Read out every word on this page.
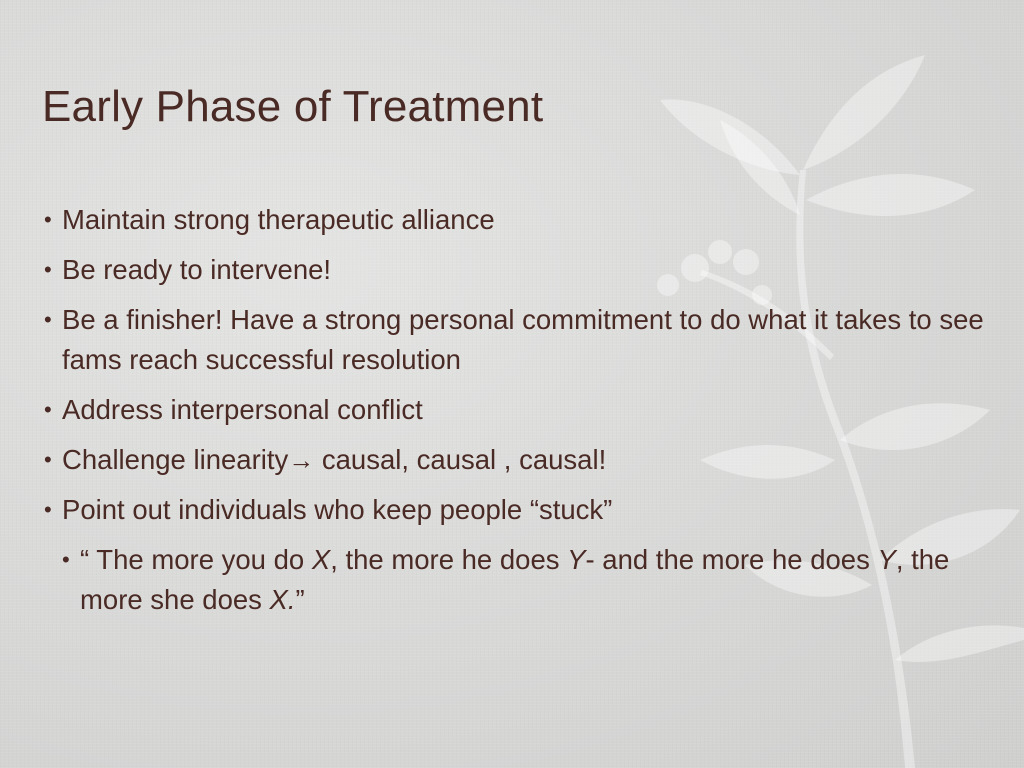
Early Phase of Treatment
• Maintain strong therapeutic alliance
• Be ready to intervene!
• Be a finisher! Have a strong personal commitment to do what it takes to see fams reach successful resolution
• Address interpersonal conflict
• Challenge linearity→ causal, causal , causal!
• Point out individuals who keep people “stuck”
• “ The more you do X, the more he does Y- and the more he does Y, the more she does X.”
